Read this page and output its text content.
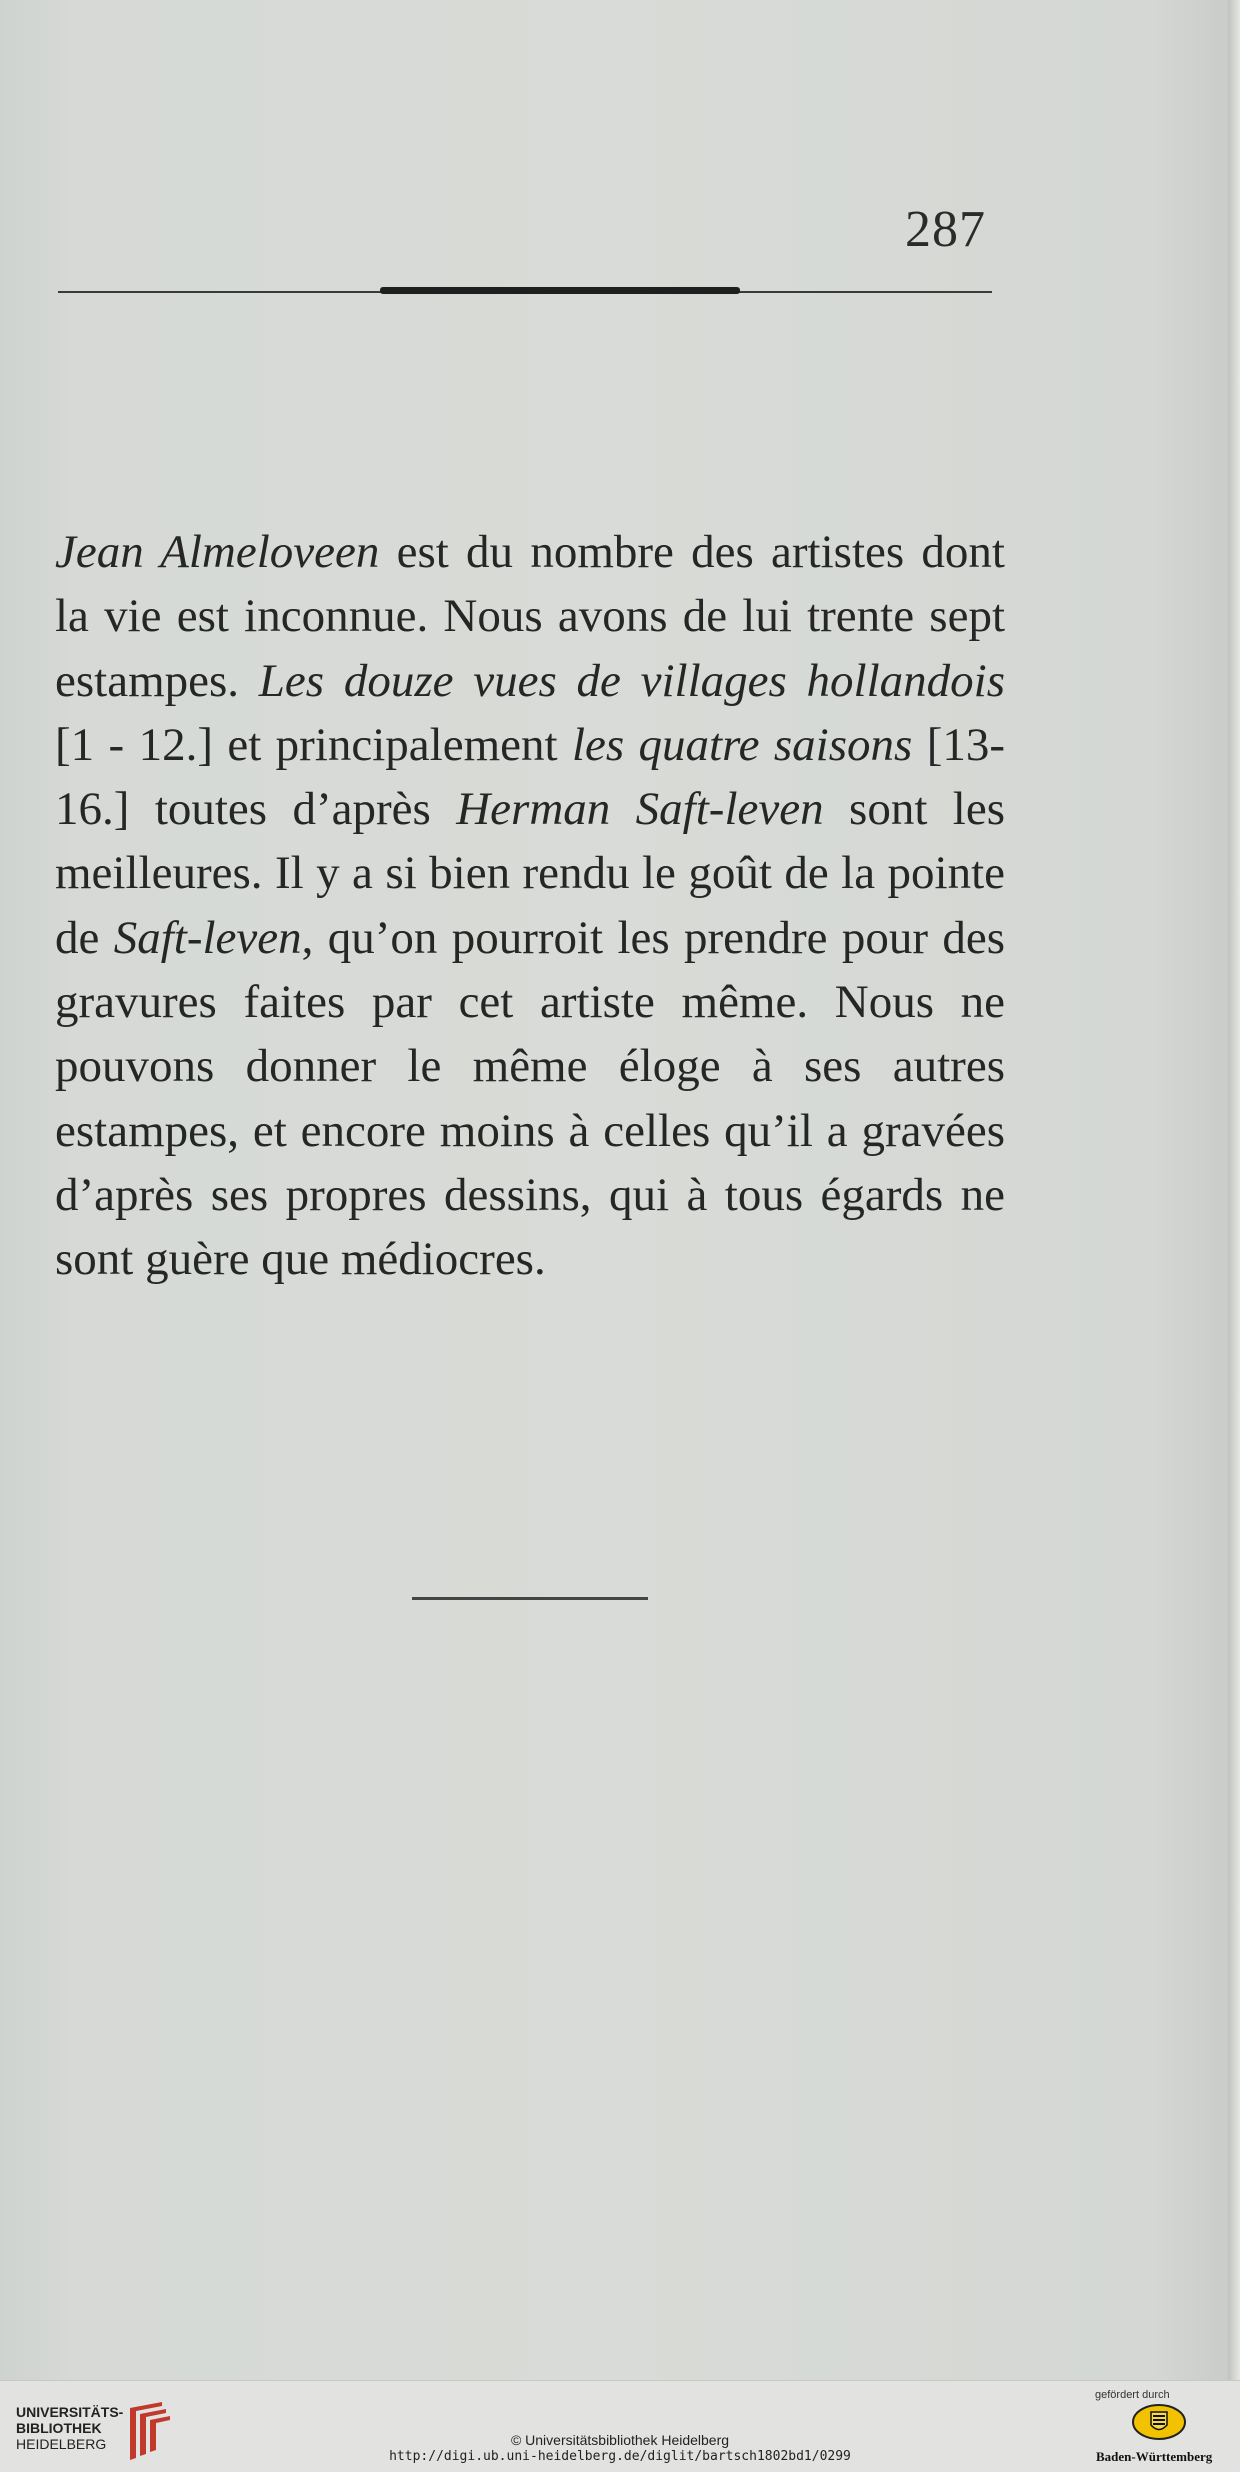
287
Jean Almeloveen est du nombre des artistes dont la vie est inconnue. Nous avons de lui trente sept estampes. Les douze vues de villages hollandois [1 - 12.] et principalement les quatre saisons [13-16.] toutes d’après Herman Saft-leven sont les meilleures. Il y a si bien rendu le goût de la pointe de Saft-leven, qu’on pourroit les prendre pour des gravures faites par cet artiste même. Nous ne pouvons donner le même éloge à ses autres estampes, et encore moins à celles qu’il a gravées d’après ses propres dessins, qui à tous égards ne sont guère que médiocres.
UNIVERSITÄTS-
BIBLIOTHEK
HEIDELBERG	© Universitätsbibliothek Heidelberg
http://digi.ub.uni-heidelberg.de/diglit/bartsch1802bd1/0299
gefördert durch
Baden-Württemberg
